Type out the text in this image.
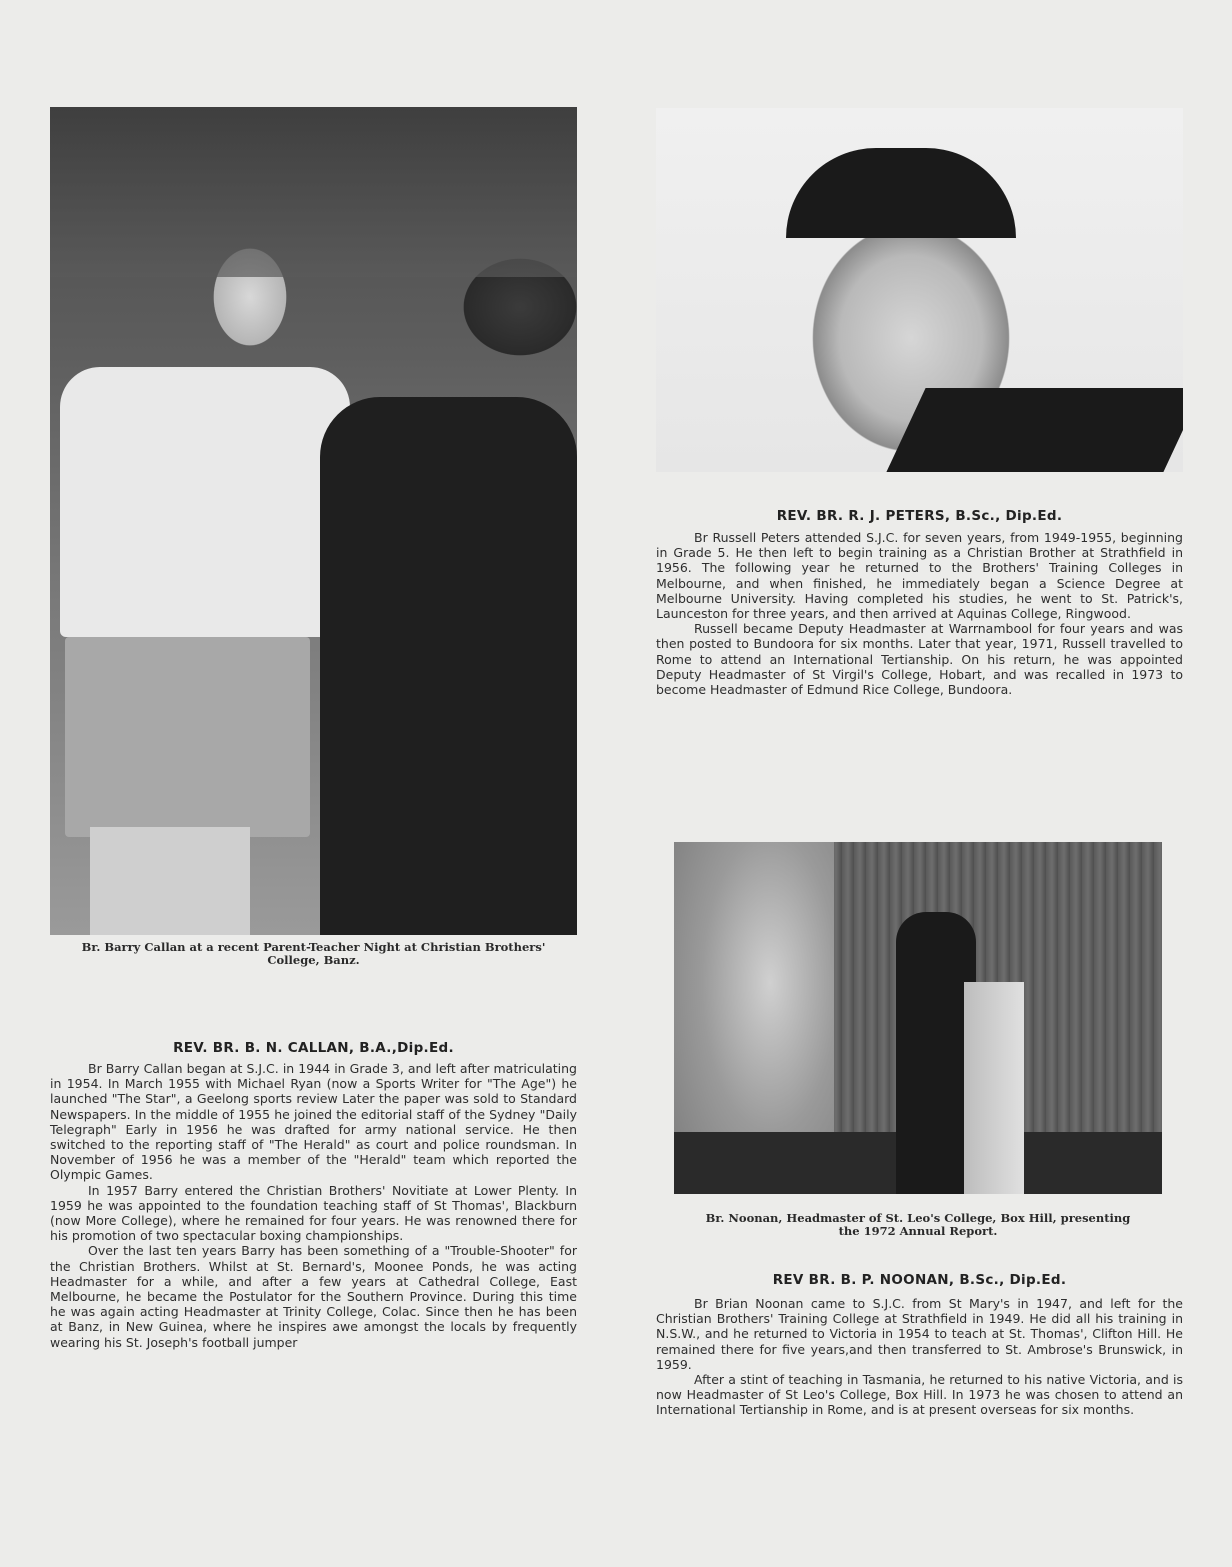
Br. Barry Callan at a recent Parent-Teacher Night at Christian Brothers'
College, Banz.
REV. BR. R. J. PETERS, B.Sc., Dip.Ed.

Br Russell Peters attended S.J.C. for seven years, from 1949-1955, beginning in Grade 5. He then left to begin training as a Christian Brother at Strathfield in 1956. The following year he returned to the Brothers' Training Colleges in Melbourne, and when finished, he immediately began a Science Degree at Melbourne University. Having completed his studies, he went to St. Patrick's, Launceston for three years, and then arrived at Aquinas College, Ringwood.

Russell became Deputy Headmaster at Warrnambool for four years and was then posted to Bundoora for six months. Later that year, 1971, Russell travelled to Rome to attend an International Tertianship. On his return, he was appointed Deputy Headmaster of St Virgil's College, Hobart, and was recalled in 1973 to become Headmaster of Edmund Rice College, Bundoora.

Br. Noonan, Headmaster of St. Leo's College, Box Hill, presenting
the 1972 Annual Report.
REV. BR. B. N. CALLAN, B.A.,Dip.Ed.

Br Barry Callan began at S.J.C. in 1944 in Grade 3, and left after matriculating in 1954. In March 1955 with Michael Ryan (now a Sports Writer for "The Age") he launched "The Star", a Geelong sports review Later the paper was sold to Standard Newspapers. In the middle of 1955 he joined the editorial staff of the Sydney "Daily Telegraph" Early in 1956 he was drafted for army national service. He then switched to the reporting staff of "The Herald" as court and police roundsman. In November of 1956 he was a member of the "Herald" team which reported the Olympic Games.

In 1957 Barry entered the Christian Brothers' Novitiate at Lower Plenty. In 1959 he was appointed to the foundation teaching staff of St Thomas', Blackburn (now More College), where he remained for four years. He was renowned there for his promotion of two spectacular boxing championships.

Over the last ten years Barry has been something of a "Trouble-Shooter" for the Christian Brothers. Whilst at St. Bernard's, Moonee Ponds, he was acting Headmaster for a while, and after a few years at Cathedral College, East Melbourne, he became the Postulator for the Southern Province. During this time he was again acting Headmaster at Trinity College, Colac. Since then he has been at Banz, in New Guinea, where he inspires awe amongst the locals by frequently wearing his St. Joseph's football jumper

REV BR. B. P. NOONAN, B.Sc., Dip.Ed.

Br Brian Noonan came to S.J.C. from St Mary's in 1947, and left for the Christian Brothers' Training College at Strathfield in 1949. He did all his training in N.S.W., and he returned to Victoria in 1954 to teach at St. Thomas', Clifton Hill. He remained there for five years,and then transferred to St. Ambrose's Brunswick, in 1959.

After a stint of teaching in Tasmania, he returned to his native Victoria, and is now Headmaster of St Leo's College, Box Hill. In 1973 he was chosen to attend an International Tertianship in Rome, and is at present overseas for six months.
